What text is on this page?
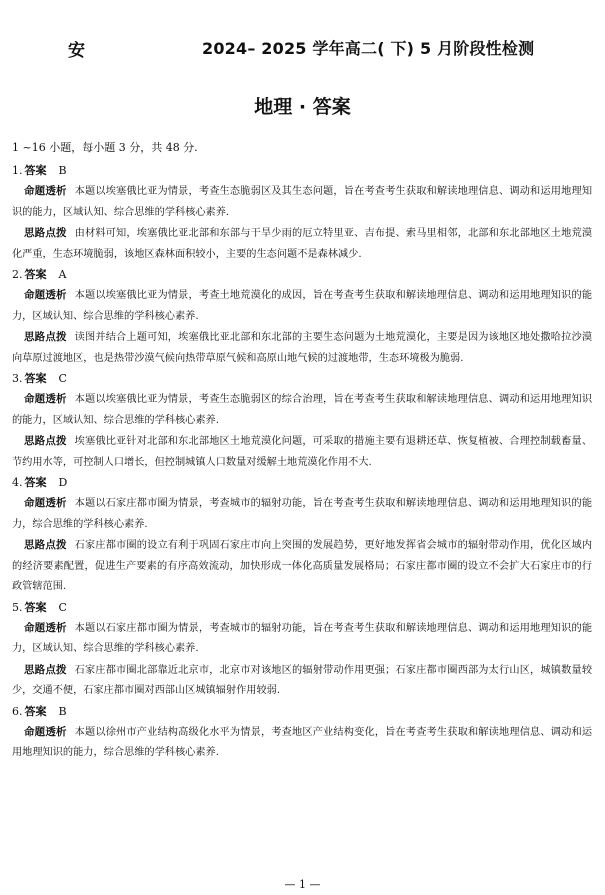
安	2024– 2025 学年高二( 下) 5 月阶段性检测
地理 · 答案
1 ~16 小题，每小题 3 分，共 48 分.
1. 答案 B

命题透析 本题以埃塞俄比亚为情景，考查生态脆弱区及其生态问题，旨在考查考生获取和解读地理信息、调动和运用地理知识的能力，区域认知、综合思维的学科核心素养.

思路点拨 由材料可知，埃塞俄比亚北部和东部与干旱少雨的厄立特里亚、吉布提、索马里相邻，北部和东北部地区土地荒漠化严重，生态环境脆弱，该地区森林面积较小，主要的生态问题不是森林减少.

2. 答案 A

命题透析 本题以埃塞俄比亚为情景，考查土地荒漠化的成因，旨在考查考生获取和解读地理信息、调动和运用地理知识的能力，区域认知、综合思维的学科核心素养.

思路点拨 读图并结合上题可知，埃塞俄比亚北部和东北部的主要生态问题为土地荒漠化，主要是因为该地区地处撒哈拉沙漠向草原过渡地区，也是热带沙漠气候向热带草原气候和高原山地气候的过渡地带，生态环境极为脆弱.

3. 答案 C

命题透析 本题以埃塞俄比亚为情景，考查生态脆弱区的综合治理，旨在考查考生获取和解读地理信息、调动和运用地理知识的能力，区域认知、综合思维的学科核心素养.

思路点拨 埃塞俄比亚针对北部和东北部地区土地荒漠化问题，可采取的措施主要有退耕还草、恢复植被、合理控制载畜量、节约用水等，可控制人口增长，但控制城镇人口数量对缓解土地荒漠化作用不大.

4. 答案 D

命题透析 本题以石家庄都市圈为情景，考查城市的辐射功能，旨在考查考生获取和解读地理信息、调动和运用地理知识的能力，综合思维的学科核心素养.

思路点拨 石家庄都市圈的设立有利于巩固石家庄市向上突围的发展趋势，更好地发挥省会城市的辐射带动作用，优化区域内的经济要素配置，促进生产要素的有序高效流动，加快形成一体化高质量发展格局；石家庄都市圈的设立不会扩大石家庄市的行政管辖范围.

5. 答案 C

命题透析 本题以石家庄都市圈为情景，考查城市的辐射功能，旨在考查考生获取和解读地理信息、调动和运用地理知识的能力，区域认知、综合思维的学科核心素养.

思路点拨 石家庄都市圈北部靠近北京市，北京市对该地区的辐射带动作用更强；石家庄都市圈西部为太行山区，城镇数量较少，交通不便，石家庄都市圈对西部山区城镇辐射作用较弱.

6. 答案 B

命题透析 本题以徐州市产业结构高级化水平为情景，考查地区产业结构变化，旨在考查考生获取和解读地理信息、调动和运用地理知识的能力，综合思维的学科核心素养.

— 1 —
